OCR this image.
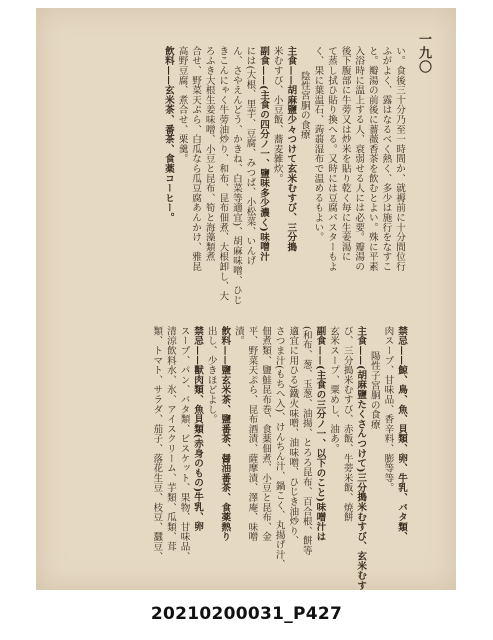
一九〇
い。食後三十分乃至一時間か、就褥前に十分間位行
ふがよく、露はなるべく熱く、多少は施行をなすこ
と。瓣湯の前後に薔薇香茶を飲むとよい。殊に平素
入浴時に温上する人、衰弱せる人には必要。瓣湯の
後下腹部に牛蒡又は炒米を貼り乾く毎に生姜湯に
て蒸し拭ひ貼り換へる。又時には豆腐パスターもよ
く、果に葉温石、蒟蒻湿布で温めるもよい。
陰性宮胴の食療
主食——胡麻鹽少々つけて玄米むすび、三分搗
米むすび、小豆飯、蕎麦雑炊。
副食——(主食の四分ノ一、鹽味多少濃く)味噌汁
には(大根、里芋、豆腐、みつば、小松菜、いんげ
ん、さやえんどう、かきね、白菜等適宜)、胡麻味噌、ひじ
きこんにゃく牛蒡油炒り、和布、昆布佃煮、大根卸し、大
ろふき大根生姜味噌、小豆と昆布、筍と海藻類煮
合せ、野菜天ぷら、白瓜なら瓜豆腐あんかけ、雅昆
高野豆腐、煮合せ、栗羹。
飲料——玄米茶、番茶、食薬コーヒー。
禁忌——鯨、鳥、魚、貝類、卵、牛乳、バタ類、
肉スープ、甘味品、香辛料、膨等等。
陽性子宮胴の食療
主食——(胡麻鹽たくさんつけて)三分搗米むすび、玄米むす
び、三分搗米むすび、赤飯、牛蒡米飯、焼餅
玄米スープ、粟めし、油あ。
副食——(主食の三分ノ一、以下のこと)味噌汁は
(和布、葱、玉葱、油揚、とろろ昆布、百合根、餅等
適宜に用ひる)鐵火味噌、油味噌、ひじき油炒り、
さつま汁(もちへ入)、けんちん汁、鍋こく、丸揚げ汁、
佃煮類、鹽鮭昆布巻、食薬佃煮、小豆と昆布、金
平、野菜天ぷら、昆布酒漬、薩摩漬、澤庵、味噌
漬。
飲料——鹽玄米茶、鹽番茶、醤油番茶、食薬熱り
出し、少きほどよし。
禁忌——獸肉類、魚貝類(赤身のもの)牛乳、卵
スープ、パン、バタ類、ビスケット、果物、甘味品、
清涼飲料水、氷、アイスクリーム、芋類、瓜類、茸
類、トマト、サラダ、茄子、落花生豆、枝豆、蠶豆、
20210200031_P427
